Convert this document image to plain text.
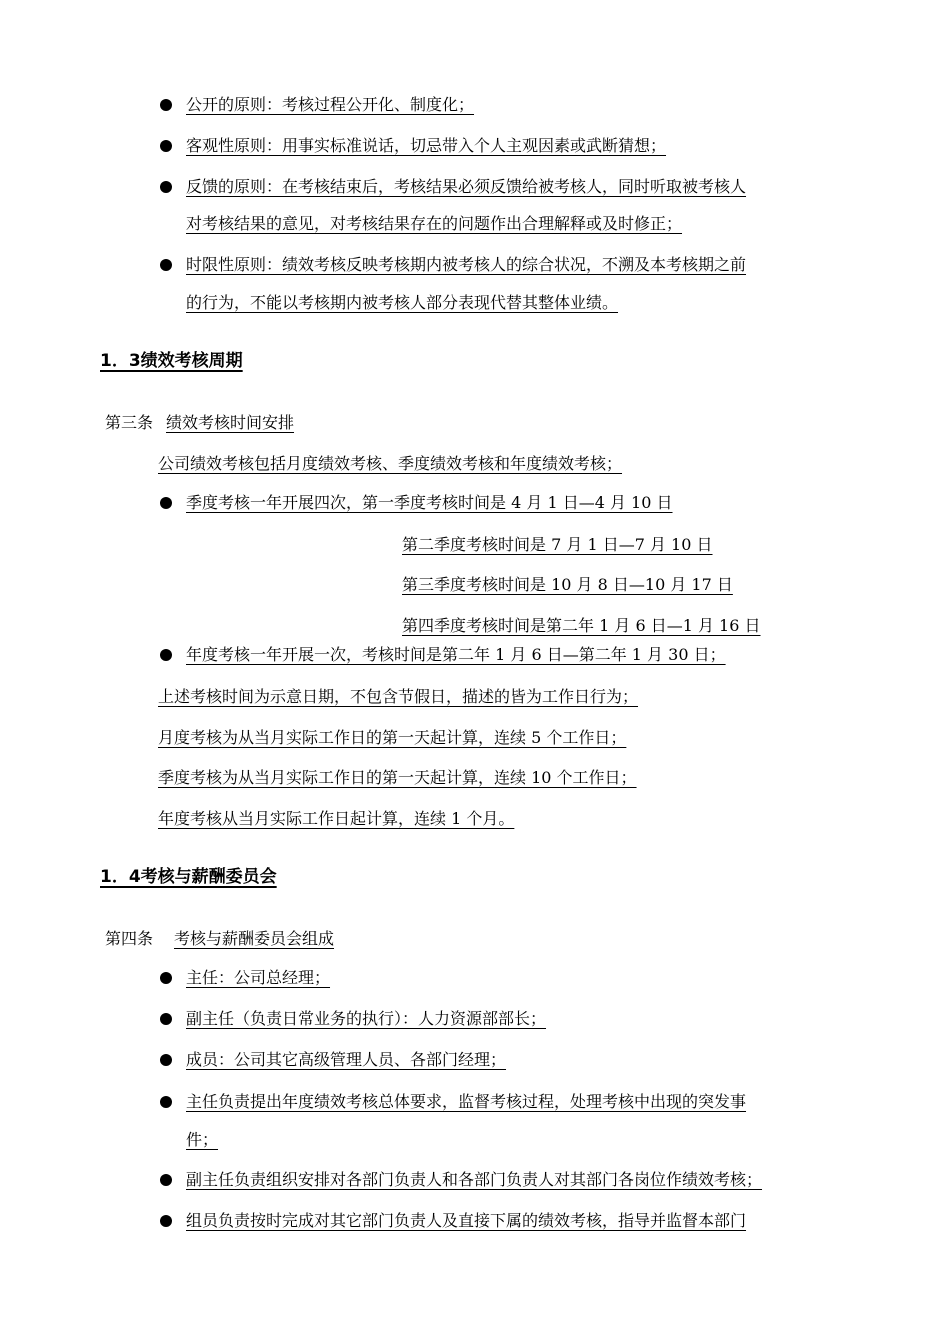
公开的原则：考核过程公开化、制度化；
客观性原则：用事实标准说话，切忌带入个人主观因素或武断猜想；
反馈的原则：在考核结束后，考核结果必须反馈给被考核人，同时听取被考核人
对考核结果的意见，对考核结果存在的问题作出合理解释或及时修正；
时限性原则：绩效考核反映考核期内被考核人的综合状况，不溯及本考核期之前
的行为，不能以考核期内被考核人部分表现代替其整体业绩。
1．3绩效考核周期
第三条 绩效考核时间安排
公司绩效考核包括月度绩效考核、季度绩效考核和年度绩效考核；
季度考核一年开展四次，第一季度考核时间是 4 月 1 日—4 月 10 日
第二季度考核时间是 7 月 1 日—7 月 10 日
第三季度考核时间是 10 月 8 日—10 月 17 日
第四季度考核时间是第二年 1 月 6 日—1 月 16 日
年度考核一年开展一次，考核时间是第二年 1 月 6 日—第二年 1 月 30 日；
上述考核时间为示意日期，不包含节假日，描述的皆为工作日行为；
月度考核为从当月实际工作日的第一天起计算，连续 5 个工作日；
季度考核为从当月实际工作日的第一天起计算，连续 10 个工作日；
年度考核从当月实际工作日起计算，连续 1 个月。
1．4考核与薪酬委员会
第四条 考核与薪酬委员会组成
主任：公司总经理；
副主任（负责日常业务的执行）：人力资源部部长；
成员：公司其它高级管理人员、各部门经理；
主任负责提出年度绩效考核总体要求，监督考核过程，处理考核中出现的突发事
件；
副主任负责组织安排对各部门负责人和各部门负责人对其部门各岗位作绩效考核；
组员负责按时完成对其它部门负责人及直接下属的绩效考核，指导并监督本部门
